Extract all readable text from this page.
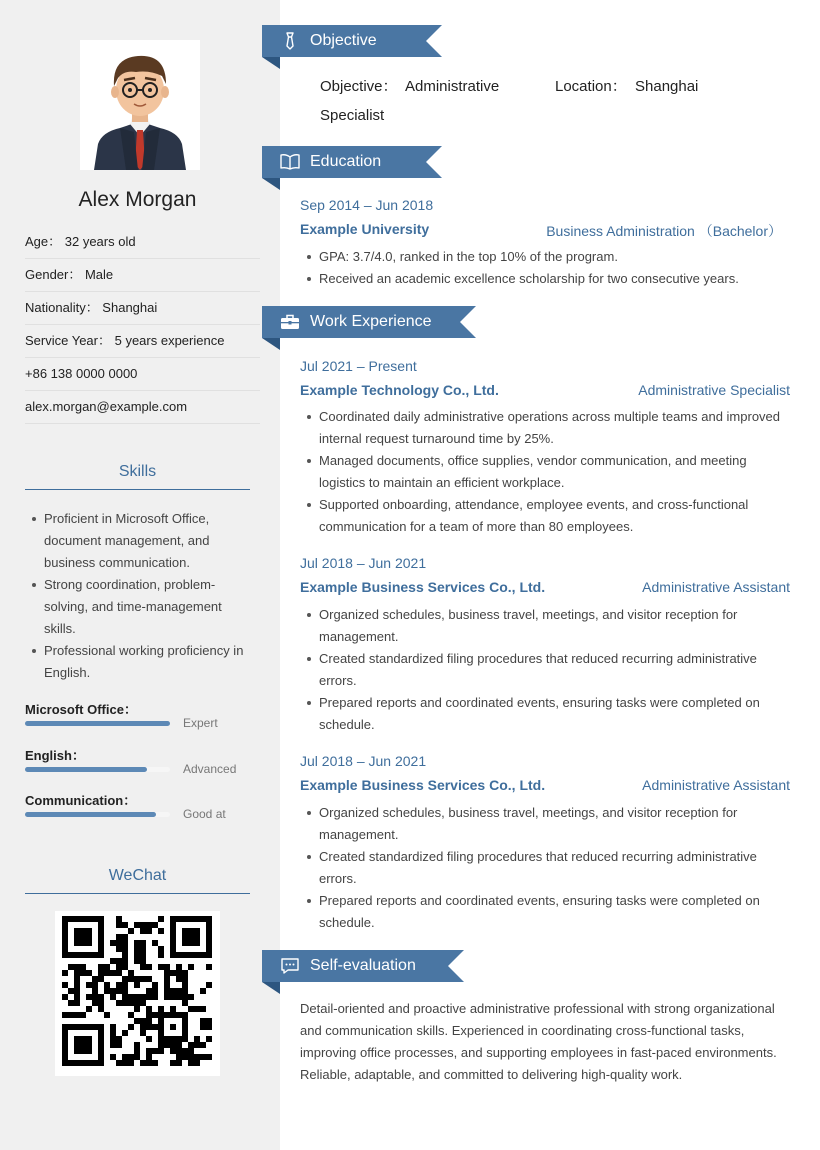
Alex Morgan
Age： 32 years old
Gender： Male
Nationality： Shanghai
Service Year： 5 years experience
+86 138 0000 0000
alex.morgan@example.com
Skills
Proficient in Microsoft Office, document management, and business communication.
Strong coordination, problem-solving, and time-management skills.
Professional working proficiency in English.
Microsoft Office：
Expert
English：
Advanced
Communication：
Good at
WeChat
Objective
Objective： Administrative
Specialist
Location： Shanghai
Education
Sep 2014 – Jun 2018
Example University	Business Administration （Bachelor）
GPA: 3.7/4.0, ranked in the top 10% of the program.
Received an academic excellence scholarship for two consecutive years.
Work Experience
Jul 2021 – Present
Example Technology Co., Ltd.	Administrative Specialist
Coordinated daily administrative operations across multiple teams and improved internal request turnaround time by 25%.
Managed documents, office supplies, vendor communication, and meeting logistics to maintain an efficient workplace.
Supported onboarding, attendance, employee events, and cross-functional communication for a team of more than 80 employees.
Jul 2018 – Jun 2021
Example Business Services Co., Ltd.	Administrative Assistant
Organized schedules, business travel, meetings, and visitor reception for management.
Created standardized filing procedures that reduced recurring administrative errors.
Prepared reports and coordinated events, ensuring tasks were completed on schedule.
Jul 2018 – Jun 2021
Example Business Services Co., Ltd.	Administrative Assistant
Organized schedules, business travel, meetings, and visitor reception for management.
Created standardized filing procedures that reduced recurring administrative errors.
Prepared reports and coordinated events, ensuring tasks were completed on schedule.
Self-evaluation
Detail-oriented and proactive administrative professional with strong organizational and communication skills. Experienced in coordinating cross-functional tasks, improving office processes, and supporting employees in fast-paced environments. Reliable, adaptable, and committed to delivering high-quality work.
